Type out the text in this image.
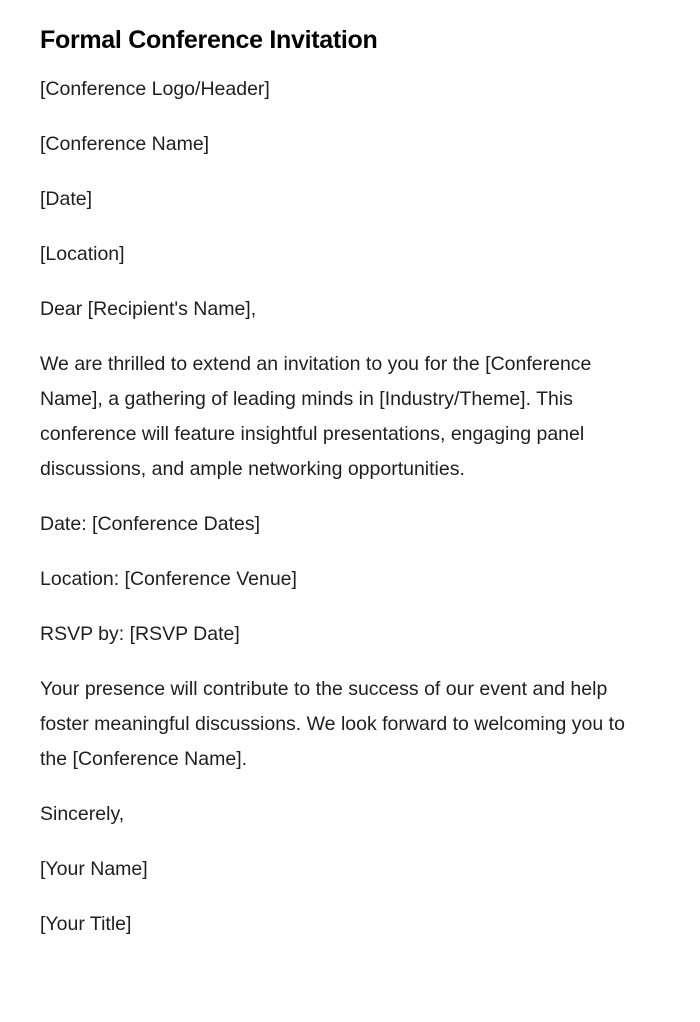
Formal Conference Invitation

[Conference Logo/Header]

[Conference Name]

[Date]

[Location]

Dear [Recipient's Name],

We are thrilled to extend an invitation to you for the [Conference Name], a gathering of leading minds in [Industry/Theme]. This conference will feature insightful presentations, engaging panel discussions, and ample networking opportunities.

Date: [Conference Dates]

Location: [Conference Venue]

RSVP by: [RSVP Date]

Your presence will contribute to the success of our event and help foster meaningful discussions. We look forward to welcoming you to the [Conference Name].

Sincerely,

[Your Name]

[Your Title]
